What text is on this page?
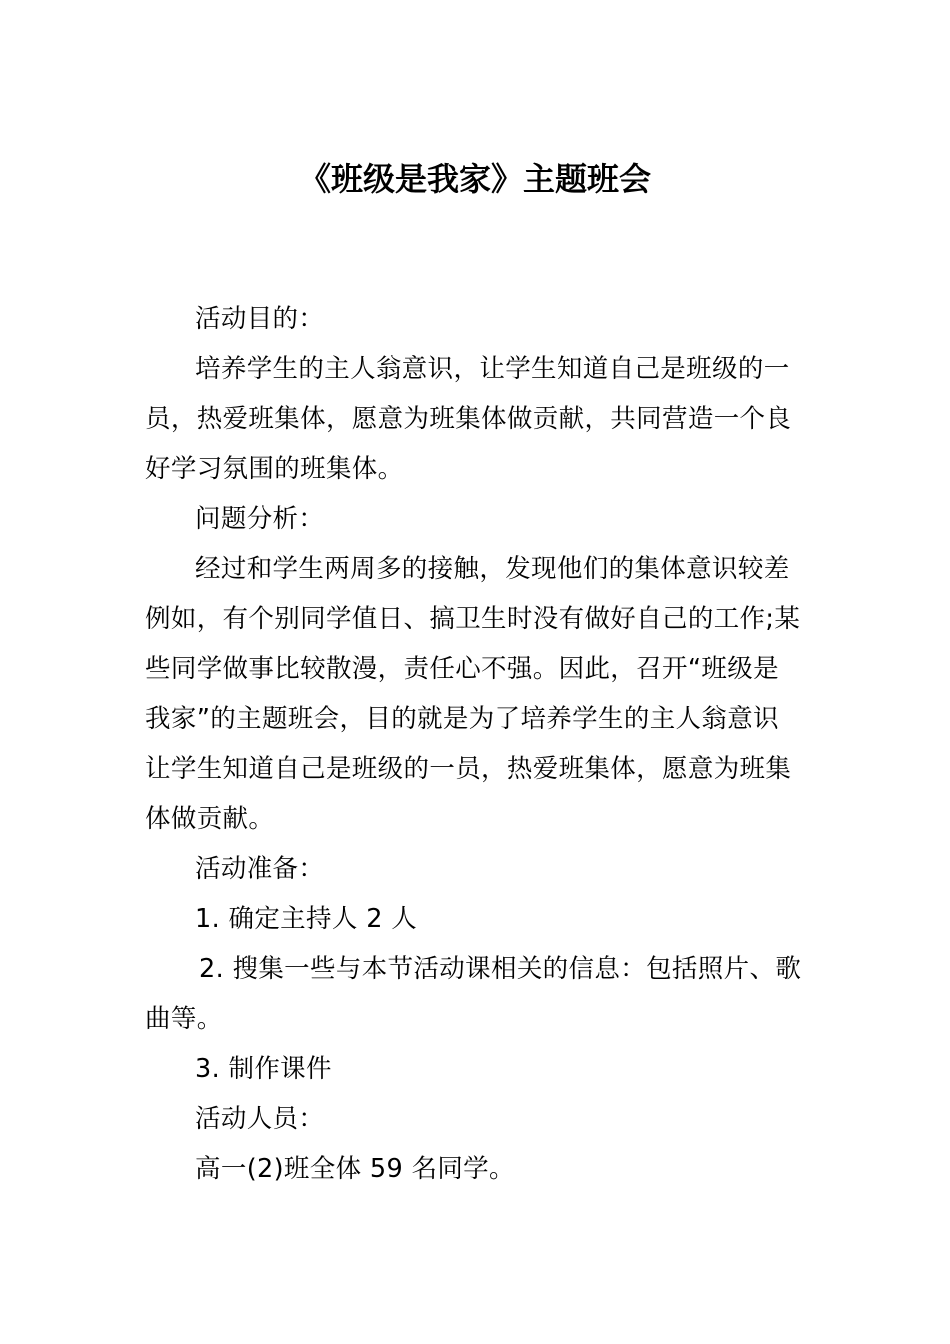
《班级是我家》主题班会
活动目的：
培养学生的主人翁意识，让学生知道自己是班级的一
员，热爱班集体，愿意为班集体做贡献，共同营造一个良
好学习氛围的班集体。
问题分析：
经过和学生两周多的接触，发现他们的集体意识较差
例如，有个别同学值日、搞卫生时没有做好自己的工作;某
些同学做事比较散漫，责任心不强。因此，召开“班级是
我家”的主题班会，目的就是为了培养学生的主人翁意识
让学生知道自己是班级的一员，热爱班集体，愿意为班集
体做贡献。
活动准备：
1. 确定主持人 2 人
2. 搜集一些与本节活动课相关的信息：包括照片、歌
曲等。
3. 制作课件
活动人员：
高一(2)班全体 59 名同学。
